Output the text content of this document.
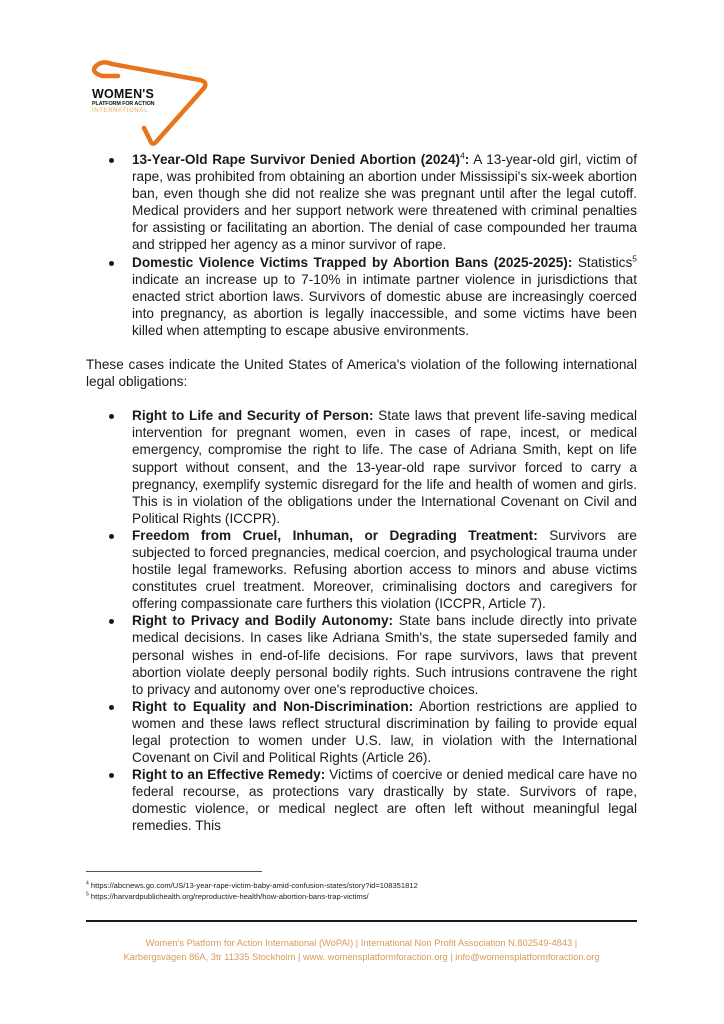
WOMEN'S
PLATFORM FOR ACTION
INTERNATIONAL
13-Year-Old Rape Survivor Denied Abortion $(2024)^4$: A 13-year-old girl, victim of rape, was prohibited from obtaining an abortion under Mississipi's six-week abortion ban, even though she did not realize she was pregnant until after the legal cutoff. Medical providers and her support network were threatened with criminal penalties for assisting or facilitating an abortion. The denial of case compounded her trauma and stripped her agency as a minor survivor of rape.
Domestic Violence Victims Trapped by Abortion Bans (2025-2025): Statistics$^5$ indicate an increase up to 7-10% in intimate partner violence in jurisdictions that enacted strict abortion laws. Survivors of domestic abuse are increasingly coerced into pregnancy, as abortion is legally inaccessible, and some victims have been killed when attempting to escape abusive environments.

These cases indicate the United States of America's violation of the following international legal obligations:

Right to Life and Security of Person: State laws that prevent life-saving medical intervention for pregnant women, even in cases of rape, incest, or medical emergency, compromise the right to life. The case of Adriana Smith, kept on life support without consent, and the 13-year-old rape survivor forced to carry a pregnancy, exemplify systemic disregard for the life and health of women and girls. This is in violation of the obligations under the International Covenant on Civil and Political Rights (ICCPR).
Freedom from Cruel, Inhuman, or Degrading Treatment: Survivors are subjected to forced pregnancies, medical coercion, and psychological trauma under hostile legal frameworks. Refusing abortion access to minors and abuse victims constitutes cruel treatment. Moreover, criminalising doctors and caregivers for offering compassionate care furthers this violation (ICCPR, Article 7).
Right to Privacy and Bodily Autonomy: State bans include directly into private medical decisions. In cases like Adriana Smith's, the state superseded family and personal wishes in end-of-life decisions. For rape survivors, laws that prevent abortion violate deeply personal bodily rights. Such intrusions contravene the right to privacy and autonomy over one's reproductive choices.
Right to Equality and Non-Discrimination: Abortion restrictions are applied to women and these laws reflect structural discrimination by failing to provide equal legal protection to women under U.S. law, in violation with the International Covenant on Civil and Political Rights (Article 26).
Right to an Effective Remedy: Victims of coercive or denied medical care have no federal recourse, as protections vary drastically by state. Survivors of rape, domestic violence, or medical neglect are often left without meaningful legal remedies. This
$^4$ https://abcnews.go.com/US/13-year-rape-victim-baby-amid-confusion-states/story?id=108351812
$^5$ https://harvardpublichealth.org/reproductive-health/how-abortion-bans-trap-victims/
Women's Platform for Action International (WoPAI) | International Non Profit Association N.802549-4843 |
Karbergsvägen 86A, 3tr 11335 Stockholm | www. womensplatformforaction.org | info@womensplatformforaction.org
